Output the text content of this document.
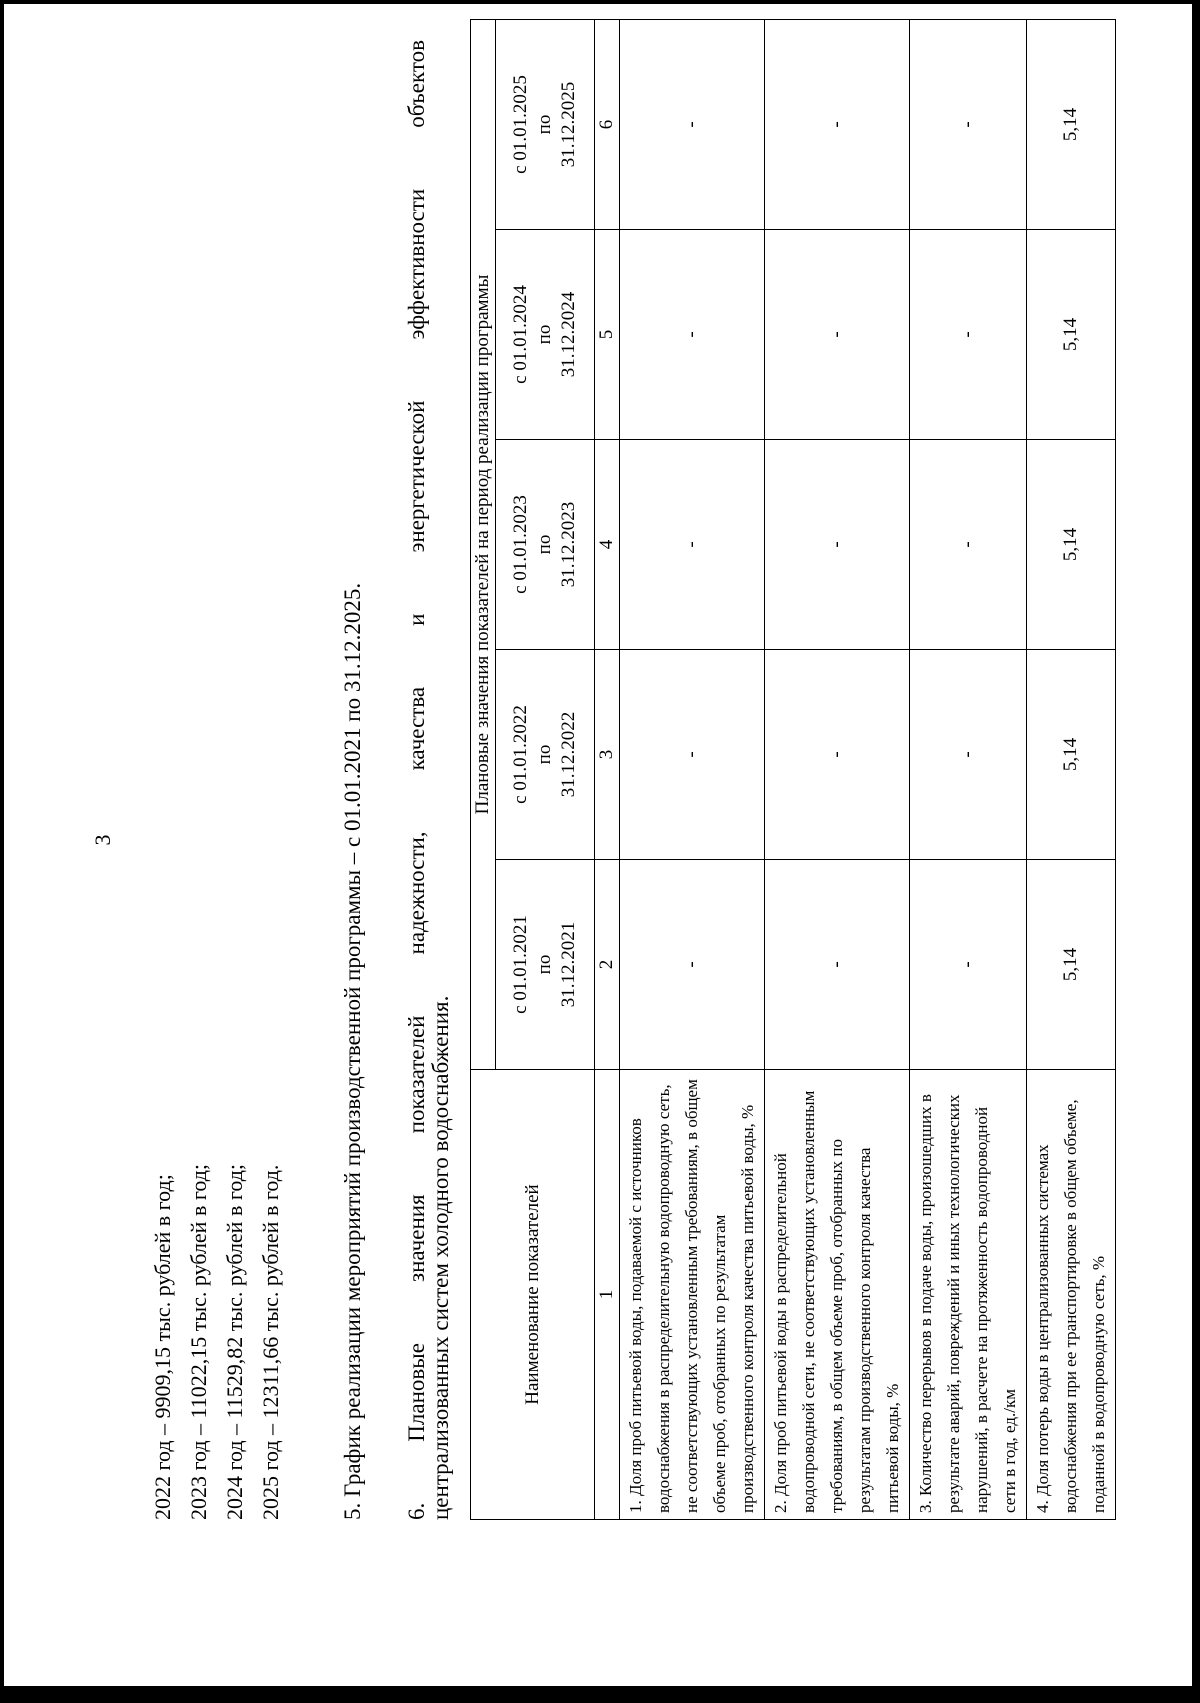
3
2022 год – 9909,15 тыс. рублей в год; 2023 год – 11022,15 тыс. рублей в год; 2024 год – 11529,82 тыс. рублей в год; 2025 год – 12311,66 тыс. рублей в год. 5. График реализации мероприятий производственной программы – с 01.01.2021 по 31.12.2025. 6.
Плановые
значения
показателей
надежности,
качества
и
энергетической
эффективности
объектов
централизованных систем холодного водоснабжения.	Наименование показателей	Плановые значения показателей на период реализации программы				

	с 01.01.2021 по 31.12.2021	с 01.01.2022 по 31.12.2022	с 01.01.2023 по 31.12.2023	с 01.01.2024 по 31.12.2024	с 01.01.2025 по 31.12.2025

1	2	3	4	5	6

1. Доля проб питьевой воды, подаваемой с источников водоснабжения в распределительную водопроводную сеть, не соответствующих установленным требованиям, в общем объеме проб, отобранных по результатам производственного контроля качества питьевой воды, %	-	-	-	-	-

2. Доля проб питьевой воды в распределительной водопроводной сети, не соответствующих установленным требованиям, в общем объеме проб, отобранных по результатам производственного контроля качества питьевой воды, %	-	-	-	-	-

3. Количество перерывов в подаче воды, произошедших в результате аварий, повреждений и иных технологических нарушений, в расчете на протяженность водопроводной сети в год, ед./км	-	-	-	-	-

4. Доля потерь воды в централизованных системах водоснабжения при ее транспортировке в общем объеме, поданной в водопроводную сеть, %	5,14	5,14	5,14	5,14	5,14
